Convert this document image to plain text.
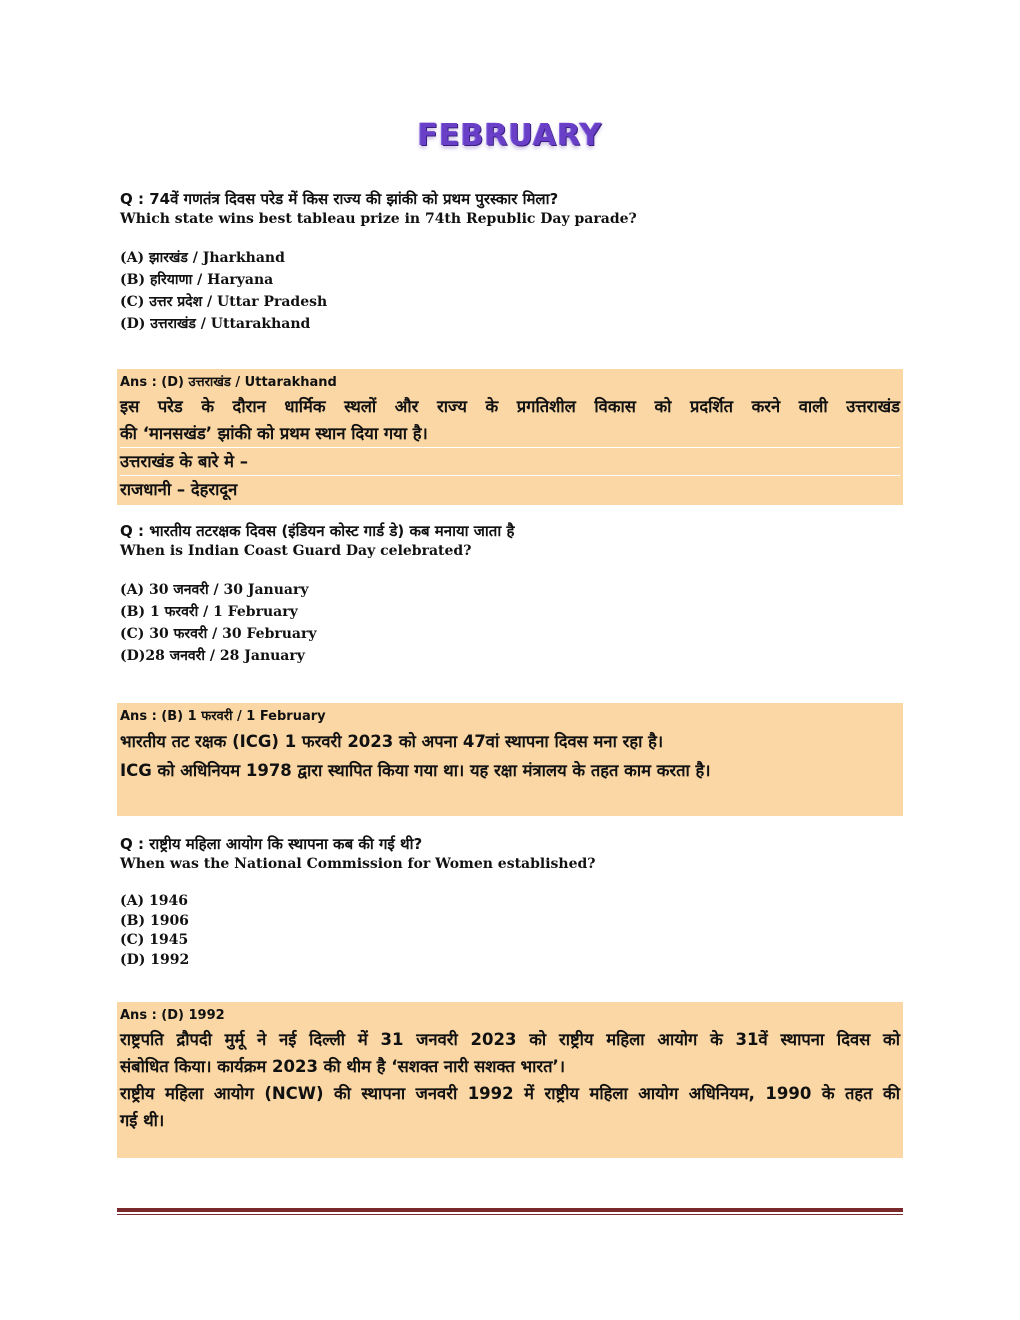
FEBRUARY
Q : 74वें गणतंत्र दिवस परेड में किस राज्य की झांकी को प्रथम पुरस्कार मिला?
Which state wins best tableau prize in 74th Republic Day parade?
(A) झारखंड / Jharkhand
(B) हरियाणा / Haryana
(C) उत्तर प्रदेश / Uttar Pradesh
(D) उत्तराखंड / Uttarakhand
Ans : (D) उत्तराखंड / Uttarakhand
इस परेड के दौरान धार्मिक स्थलों और राज्य के प्रगतिशील विकास को प्रदर्शित करने वाली उत्तराखंड
की ‘मानसखंड’ झांकी को प्रथम स्थान दिया गया है।
उत्तराखंड के बारे मे –
राजधानी – देहरादून
Q : भारतीय तटरक्षक दिवस (इंडियन कोस्ट गार्ड डे) कब मनाया जाता है
When is Indian Coast Guard Day celebrated?
(A) 30 जनवरी / 30 January
(B) 1 फरवरी / 1 February
(C) 30 फरवरी / 30 February
(D)28 जनवरी / 28 January
Ans : (B) 1 फरवरी / 1 February
भारतीय तट रक्षक (ICG) 1 फरवरी 2023 को अपना 47वां स्थापना दिवस मना रहा है।
ICG को अधिनियम 1978 द्वारा स्थापित किया गया था। यह रक्षा मंत्रालय के तहत काम करता है।
Q : राष्ट्रीय महिला आयोग कि स्थापना कब की गई थी?
When was the National Commission for Women established?
(A) 1946
(B) 1906
(C) 1945
(D) 1992
Ans : (D) 1992
राष्ट्रपति द्रौपदी मुर्मू ने नई दिल्ली में 31 जनवरी 2023 को राष्ट्रीय महिला आयोग के 31वें स्थापना दिवस को
संबोधित किया। कार्यक्रम 2023 की थीम है ‘सशक्त नारी सशक्त भारत’।
राष्ट्रीय महिला आयोग (NCW) की स्थापना जनवरी 1992 में राष्ट्रीय महिला आयोग अधिनियम, 1990 के तहत की
गई थी।
